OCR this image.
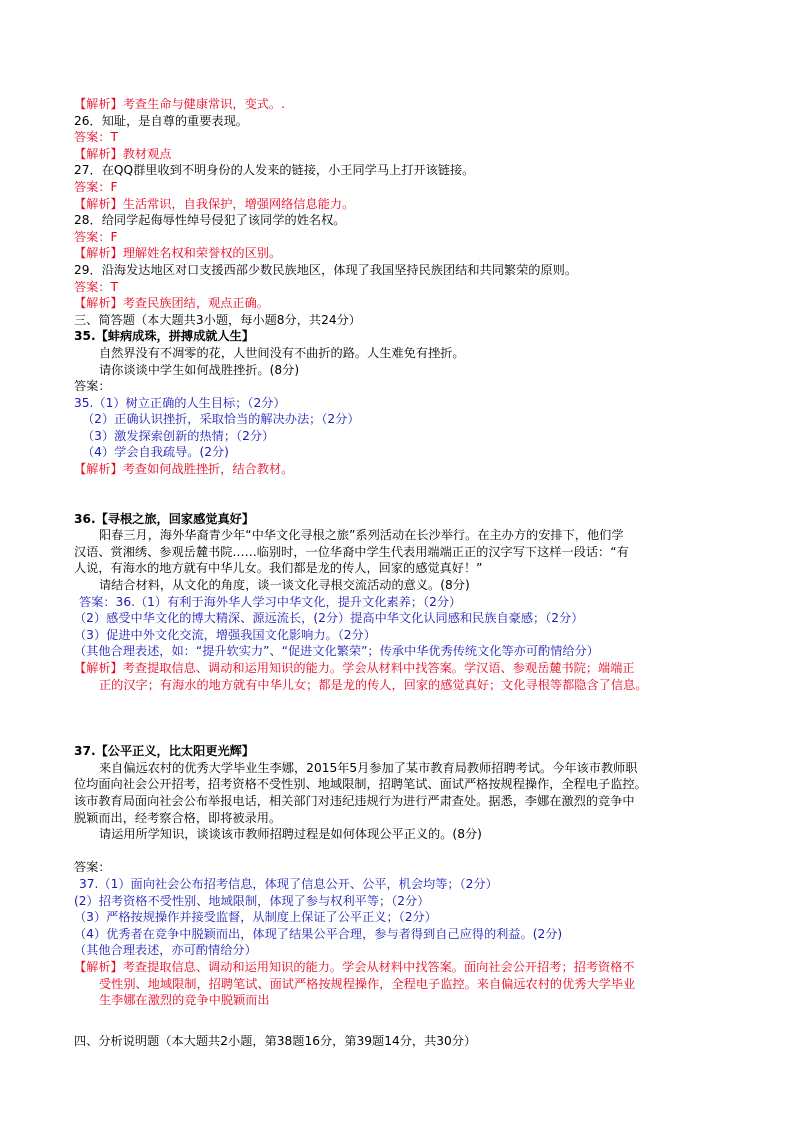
【解析】考查生命与健康常识，变式。.
26．知耻，是自尊的重要表现。
答案：T
【解析】教材观点
27．在QQ群里收到不明身份的人发来的链接，小王同学马上打开该链接。
答案：F
【解析】生活常识，自我保护，增强网络信息能力。
28．给同学起侮辱性绰号侵犯了该同学的姓名权。
答案：F
【解析】理解姓名权和荣誉权的区别。
29．沿海发达地区对口支援西部少数民族地区，体现了我国坚持民族团结和共同繁荣的原则。
答案：T
【解析】考查民族团结，观点正确。
三、简答题（本大题共3小题，每小题8分，共24分）
35.【蚌病成珠，拼搏成就人生】
自然界没有不凋零的花，人世间没有不曲折的路。人生难免有挫折。
请你谈谈中学生如何战胜挫折。(8分)
答案：
35.（1）树立正确的人生目标；（2分）
（2）正确认识挫折，采取恰当的解决办法；（2分）
（3）激发探索创新的热情；（2分）
（4）学会自我疏导。(2分)
【解析】考查如何战胜挫折，结合教材。
36.【寻根之旅，回家感觉真好】
阳春三月，海外华裔青少年“中华文化寻根之旅”系列活动在长沙举行。在主办方的安排下，他们学
汉语、赏湘绣、参观岳麓书院……临别时，一位华裔中学生代表用端端正正的汉字写下这样一段话：“有
人说，有海水的地方就有中华儿女。我们都是龙的传人，回家的感觉真好！”
请结合材料，从文化的角度，谈一谈文化寻根交流活动的意义。(8分)
答案：36.（1）有利于海外华人学习中华文化，提升文化素养；（2分）
（2）感受中华文化的博大精深、源远流长，(2分）提高中华文化认同感和民族自豪感；（2分）
（3）促进中外文化交流，增强我国文化影响力。（2分）
（其他合理表述，如：“提升软实力”、“促进文化繁荣”；传承中华优秀传统文化等亦可酌情给分）
【解析】考查提取信息、调动和运用知识的能力。学会从材料中找答案。学汉语、参观岳麓书院；端端正
正的汉字；有海水的地方就有中华儿女；都是龙的传人，回家的感觉真好；文化寻根等都隐含了信息。
37.【公平正义，比太阳更光辉】
来自偏远农村的优秀大学毕业生李娜，2015年5月参加了某市教育局教师招聘考试。今年该市教师职
位均面向社会公开招考，招考资格不受性别、地域限制，招聘笔试、面试严格按规程操作，全程电子监控。
该市教育局面向社会公布举报电话，相关部门对违纪违规行为进行严肃查处。据悉，李娜在激烈的竞争中
脱颖而出，经考察合格，即将被录用。
请运用所学知识，谈谈该市教师招聘过程是如何体现公平正义的。(8分)
答案：
37.（1）面向社会公布招考信息，体现了信息公开、公平，机会均等；（2分）
(2）招考资格不受性别、地域限制，体现了参与权利平等；（2分）
（3）严格按规操作并接受监督，从制度上保证了公平正义；（2分）
（4）优秀者在竞争中脱颖而出，体现了结果公平合理，参与者得到自己应得的利益。(2分)
（其他合理表述，亦可酌情给分）
【解析】考查提取信息、调动和运用知识的能力。学会从材料中找答案。面向社会公开招考；招考资格不
受性别、地域限制，招聘笔试、面试严格按规程操作，全程电子监控。来自偏远农村的优秀大学毕业
生李娜在激烈的竞争中脱颖而出
四、分析说明题（本大题共2小题，第38题16分，第39题14分，共30分）
